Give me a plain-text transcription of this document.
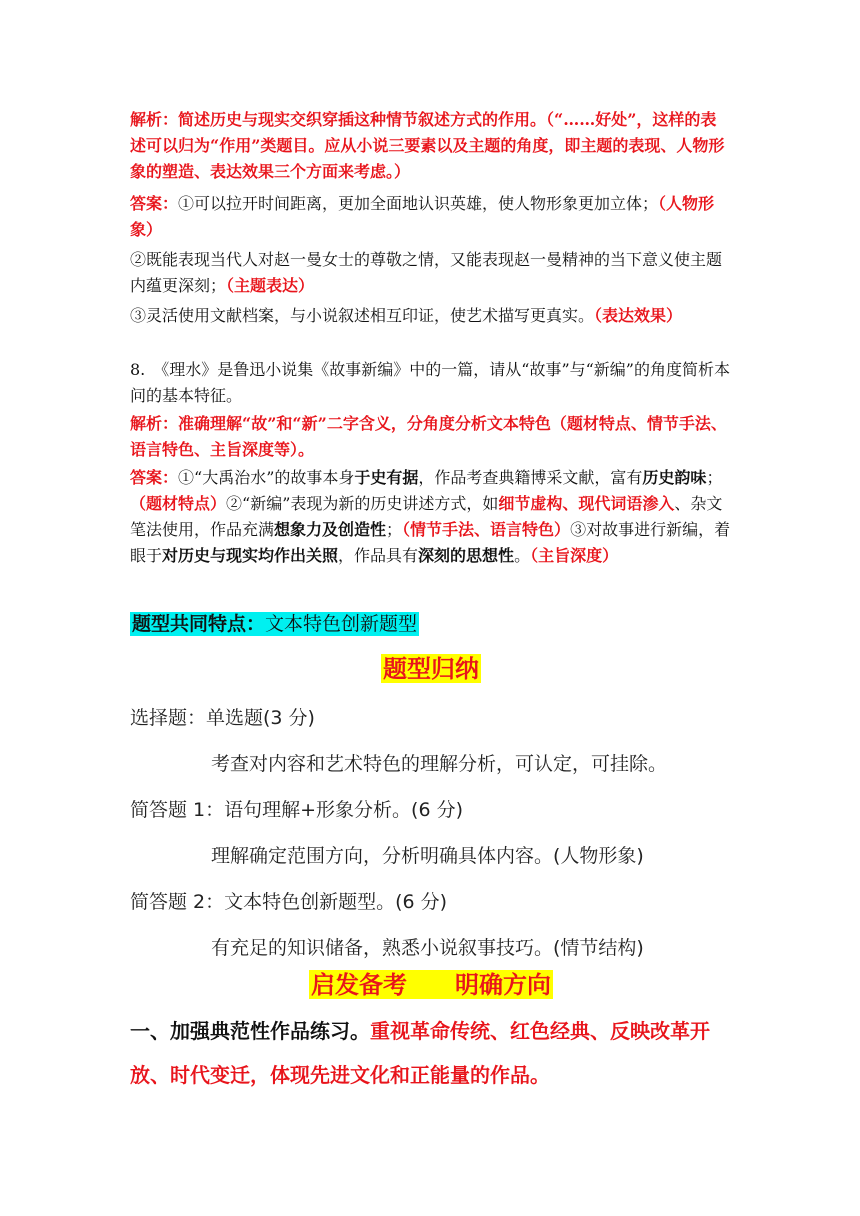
解析：简述历史与现实交织穿插这种情节叙述方式的作用。（“……好处”，这样的表述可以归为“作用”类题目。应从小说三要素以及主题的角度，即主题的表现、人物形象的塑造、表达效果三个方面来考虑。）

答案：①可以拉开时间距离，更加全面地认识英雄，使人物形象更加立体；（人物形象）

②既能表现当代人对赵一曼女士的尊敬之情，又能表现赵一曼精神的当下意义使主题内蕴更深刻；（主题表达）

③灵活使用文献档案，与小说叙述相互印证，使艺术描写更真实。（表达效果）

8.　《理水》是鲁迅小说集《故事新编》中的一篇，请从“故事”与“新编”的角度简析本问的基本特征。

解析：准确理解“故”和“新”二字含义，分角度分析文本特色（题材特点、情节手法、语言特色、主旨深度等）。

答案：①“大禹治水”的故事本身于史有据，作品考查典籍博采文献，富有历史韵味；（题材特点）②“新编”表现为新的历史讲述方式，如细节虚构、现代词语渗入、杂文笔法使用，作品充满想象力及创造性；（情节手法、语言特色）③对故事进行新编，着眼于对历史与现实均作出关照，作品具有深刻的思想性。（主旨深度）

题型共同特点：文本特色创新题型
题型归纳

选择题：单选题(3 分)

考查对内容和艺术特色的理解分析，可认定，可挂除。

简答题 1：语句理解+形象分析。(6 分)

理解确定范围方向，分析明确具体内容。(人物形象)

简答题 2：文本特色创新题型。(6 分)

有充足的知识储备，熟悉小说叙事技巧。(情节结构)

启发备考　　明确方向

一、加强典范性作品练习。重视革命传统、红色经典、反映改革开放、时代变迁，体现先进文化和正能量的作品。
